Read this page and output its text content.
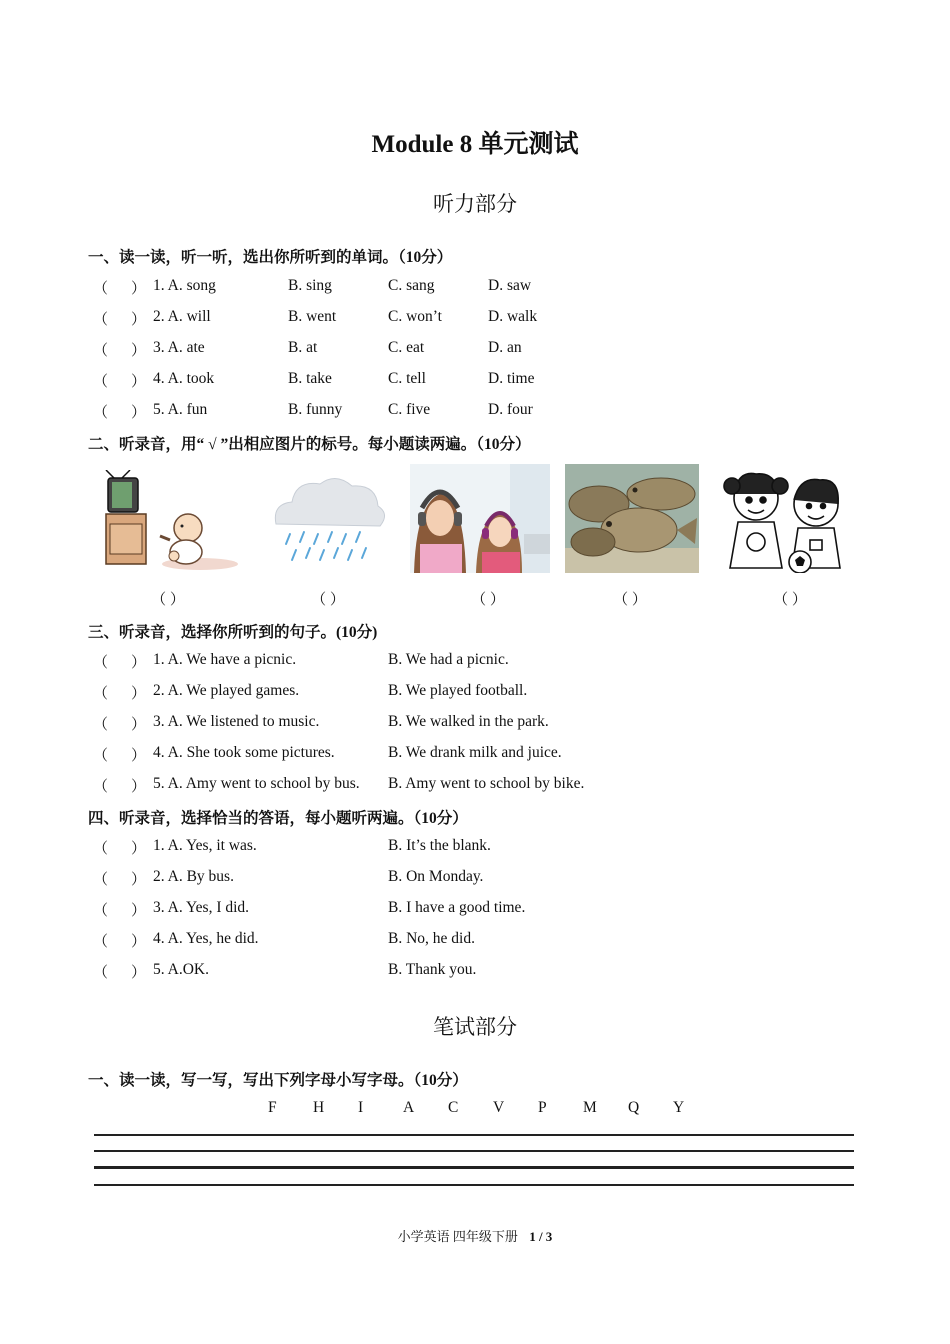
Module 8 单元测试
听力部分
一、读一读，听一听，选出你所听到的单词。（10分）
（ ） 1. A. song	B. sing	C. sang	D. saw
（ ） 2. A. will	B. went	C. won’t	D. walk
（ ） 3. A. ate	B. at	C. eat	D. an
（ ） 4. A. took	B. take	C. tell	D. time
（ ） 5. A. fun	B. funny	C. five	D. four
二、听录音，用“ √ ”出相应图片的标号。每小题读两遍。（10分）
（ ）	（ ）	（ ）	（ ）	（ ）
三、听录音，选择你所听到的句子。(10分)
（ ） 1. A. We have a picnic.	B. We had a picnic.
（ ） 2. A. We played games.	B. We played football.
（ ） 3. A. We listened to music.	B. We walked in the park.
（ ） 4. A. She took some pictures.	B. We drank milk and juice.
（ ） 5. A. Amy went to school by bus. B. Amy went to school by bike.
四、听录音，选择恰当的答语，每小题听两遍。（10分）
（ ） 1. A. Yes, it was.	B. It’s the blank.
（ ） 2. A. By bus.	B. On Monday.
（ ） 3. A. Yes, I did.	B. I have a good time.
（ ） 4. A. Yes, he did.	B. No, he did.
（ ） 5. A.OK.	B. Thank you.
笔试部分
一、读一读，写一写，写出下列字母小写字母。（10分）
F H I	A C V P M Q Y
小学英语 四年级下册 1 / 3
